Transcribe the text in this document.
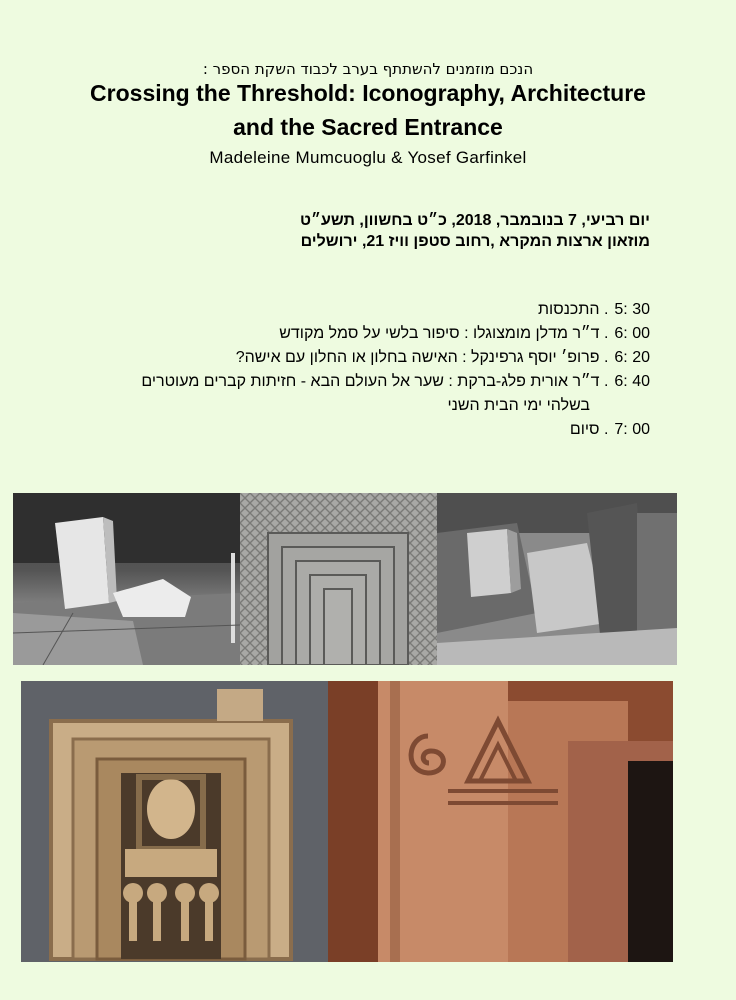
הנכם מוזמנים להשתתף בערב לכבוד השקת הספר :
Crossing the Threshold: Iconography, Architecture
and the Sacred Entrance
Madeleine Mumcuoglu & Yosef Garfinkel
יום רביעי, 7 בנובמבר, 2018, כ״ט בחשוון, תשע״ט
מוזאון ארצות המקרא ,רחוב סטפן וויז 21, ירושלים
5: 30
. התכנסות
6: 00
. ד״ר מדלן מומצוגלו : סיפור בלשי על סמל מקודש
6: 20
. פרופ׳ יוסף גרפינקל : האישה בחלון או החלון עם אישה?
6: 40
. ד״ר אורית פלג-ברקת : שער אל העולם הבא - חזיתות קברים מעוטרים
בשלהי ימי הבית השני
7: 00
. סיום
